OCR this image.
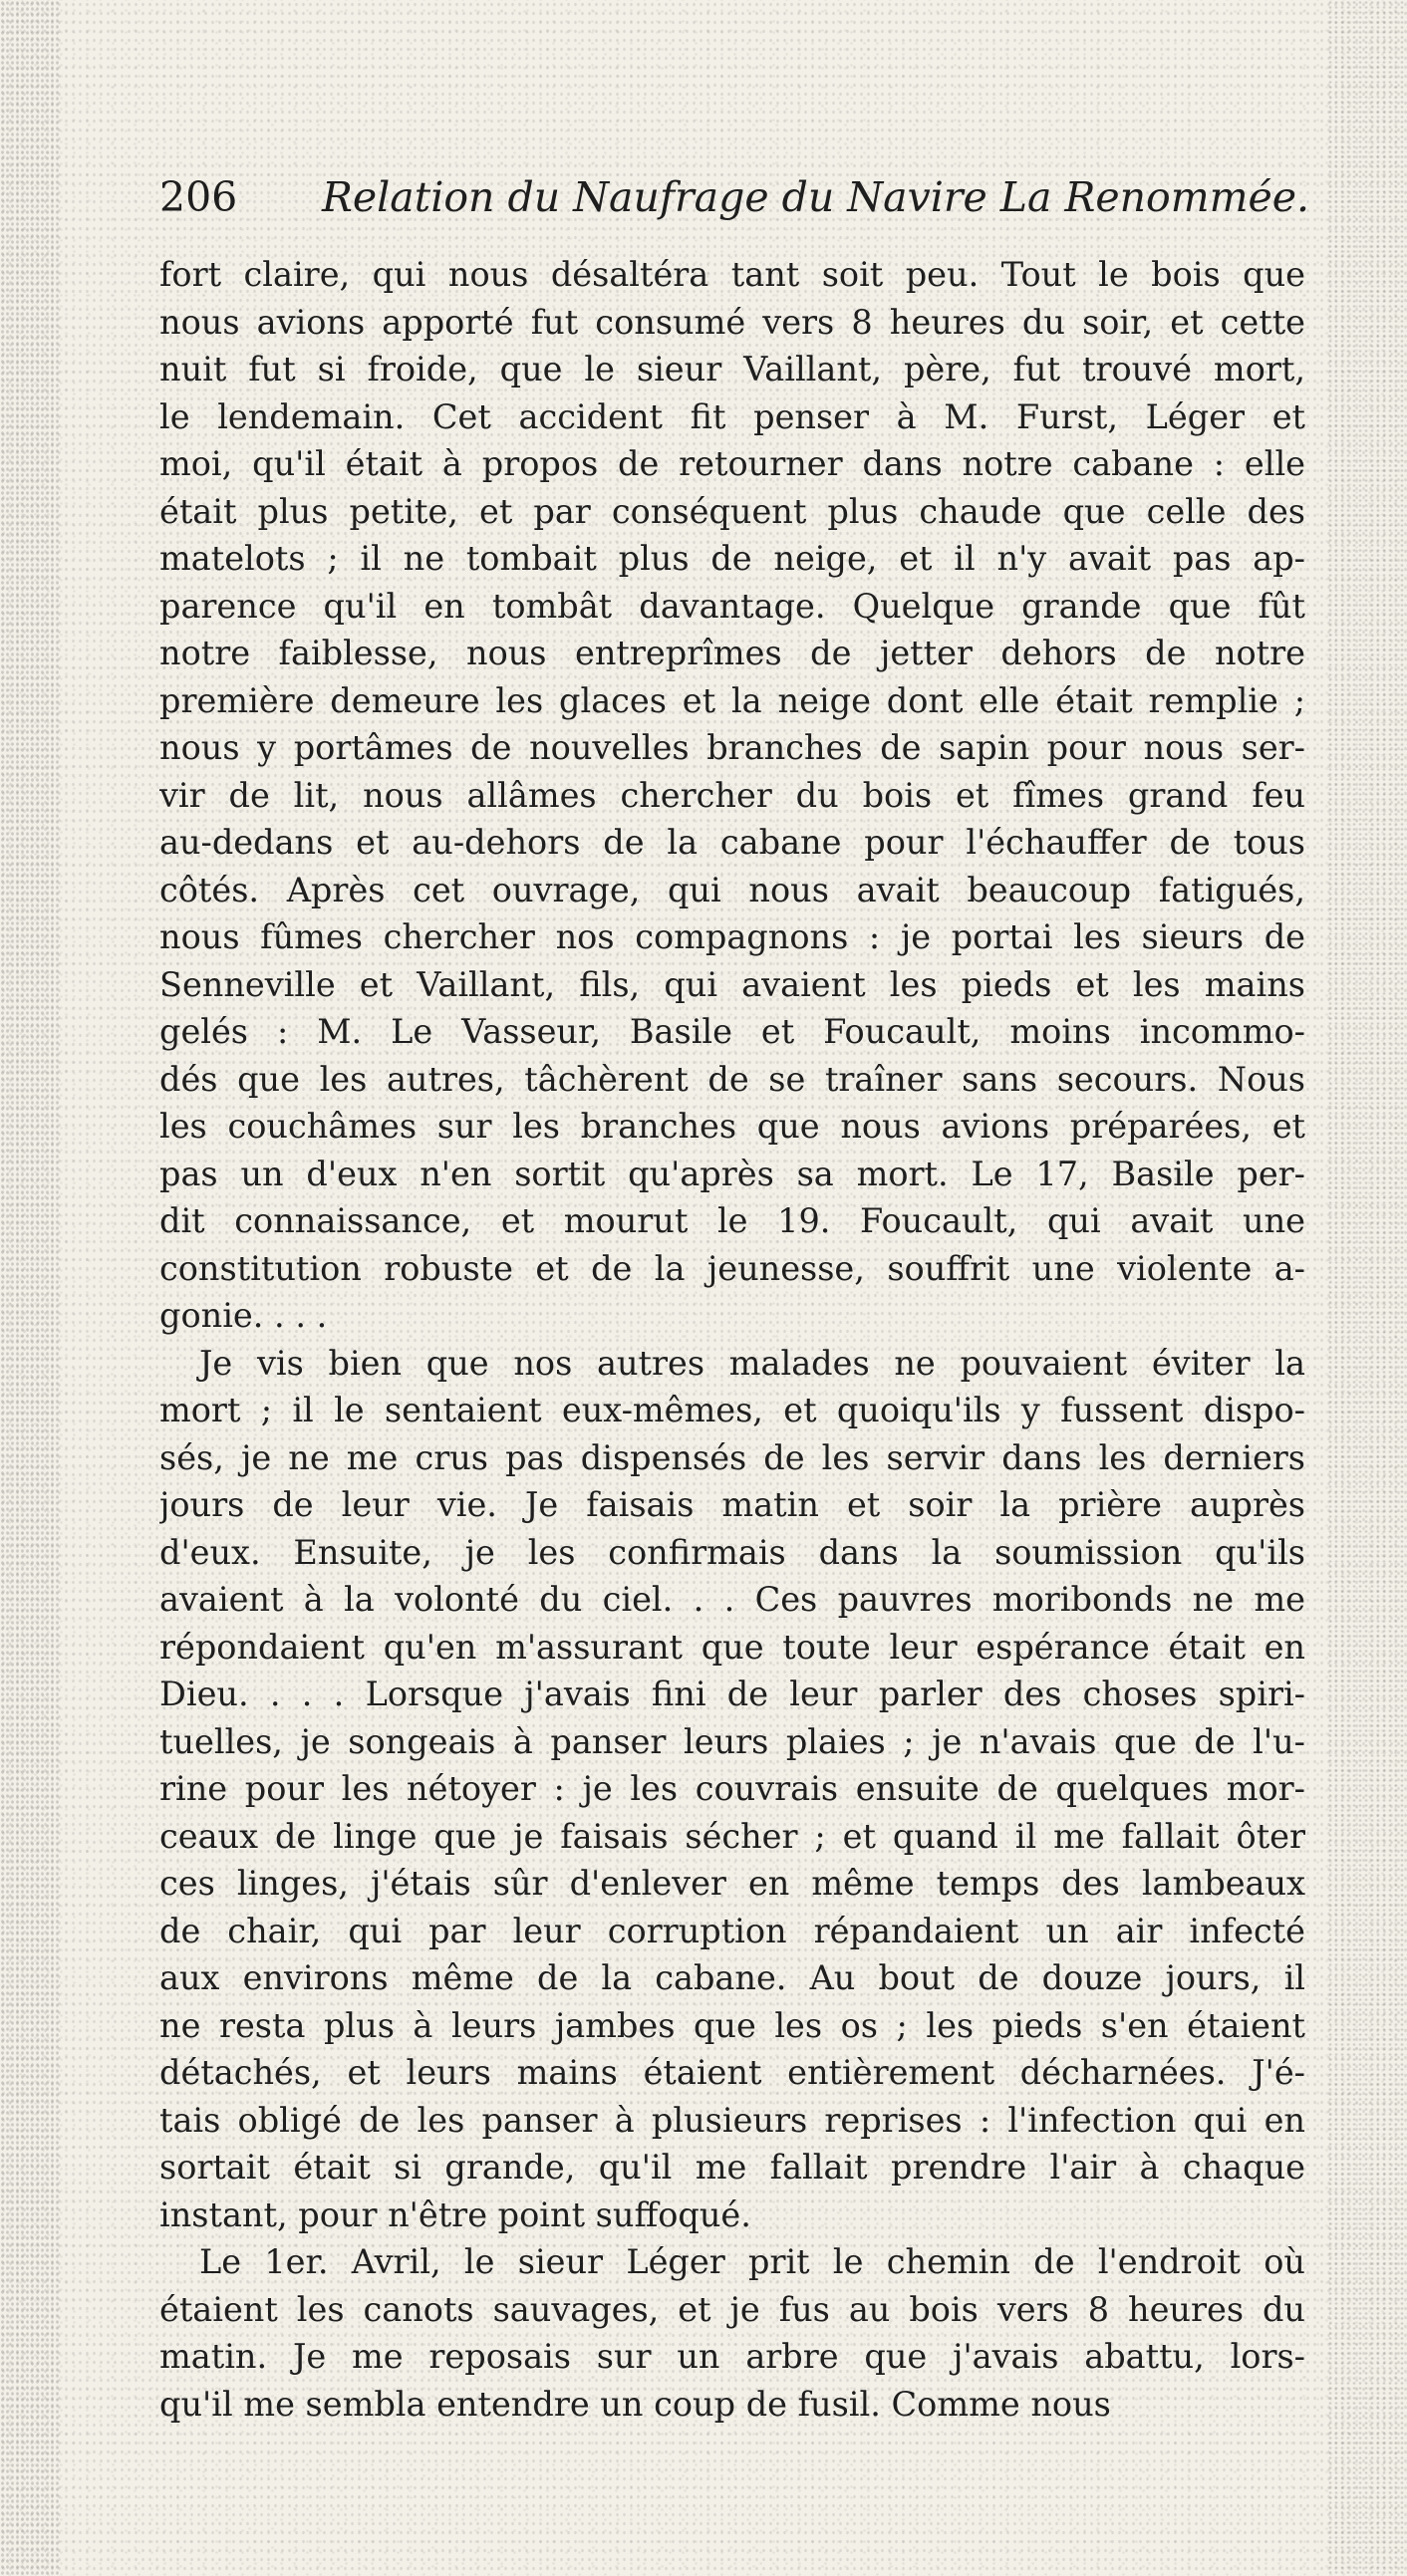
206 Relation du Naufrage du Navire La Renommée.
fort claire, qui nous désaltéra tant soit peu. Tout le bois que
nous avions apporté fut consumé vers 8 heures du soir, et cette
nuit fut si froide, que le sieur Vaillant, père, fut trouvé mort,
le lendemain. Cet accident fit penser à M. Furst, Léger et
moi, qu'il était à propos de retourner dans notre cabane : elle
était plus petite, et par conséquent plus chaude que celle des
matelots ; il ne tombait plus de neige, et il n'y avait pas ap-
parence qu'il en tombât davantage. Quelque grande que fût
notre faiblesse, nous entreprîmes de jetter dehors de notre
première demeure les glaces et la neige dont elle était remplie ;
nous y portâmes de nouvelles branches de sapin pour nous ser-
vir de lit, nous allâmes chercher du bois et fîmes grand feu
au-dedans et au-dehors de la cabane pour l'échauffer de tous
côtés. Après cet ouvrage, qui nous avait beaucoup fatigués,
nous fûmes chercher nos compagnons : je portai les sieurs de
Senneville et Vaillant, fils, qui avaient les pieds et les mains
gelés : M. Le Vasseur, Basile et Foucault, moins incommo-
dés que les autres, tâchèrent de se traîner sans secours. Nous
les couchâmes sur les branches que nous avions préparées, et
pas un d'eux n'en sortit qu'après sa mort. Le 17, Basile per-
dit connaissance, et mourut le 19. Foucault, qui avait une
constitution robuste et de la jeunesse, souffrit une violente a-
gonie. . . .
Je vis bien que nos autres malades ne pouvaient éviter la
mort ; il le sentaient eux-mêmes, et quoiqu'ils y fussent dispo-
sés, je ne me crus pas dispensés de les servir dans les derniers
jours de leur vie. Je faisais matin et soir la prière auprès
d'eux. Ensuite, je les confirmais dans la soumission qu'ils
avaient à la volonté du ciel. . . Ces pauvres moribonds ne me
répondaient qu'en m'assurant que toute leur espérance était en
Dieu. . . . Lorsque j'avais fini de leur parler des choses spiri-
tuelles, je songeais à panser leurs plaies ; je n'avais que de l'u-
rine pour les nétoyer : je les couvrais ensuite de quelques mor-
ceaux de linge que je faisais sécher ; et quand il me fallait ôter
ces linges, j'étais sûr d'enlever en même temps des lambeaux
de chair, qui par leur corruption répandaient un air infecté
aux environs même de la cabane. Au bout de douze jours, il
ne resta plus à leurs jambes que les os ; les pieds s'en étaient
détachés, et leurs mains étaient entièrement décharnées. J'é-
tais obligé de les panser à plusieurs reprises : l'infection qui en
sortait était si grande, qu'il me fallait prendre l'air à chaque
instant, pour n'être point suffoqué.
Le 1er. Avril, le sieur Léger prit le chemin de l'endroit où
étaient les canots sauvages, et je fus au bois vers 8 heures du
matin. Je me reposais sur un arbre que j'avais abattu, lors-
qu'il me sembla entendre un coup de fusil. Comme nous
